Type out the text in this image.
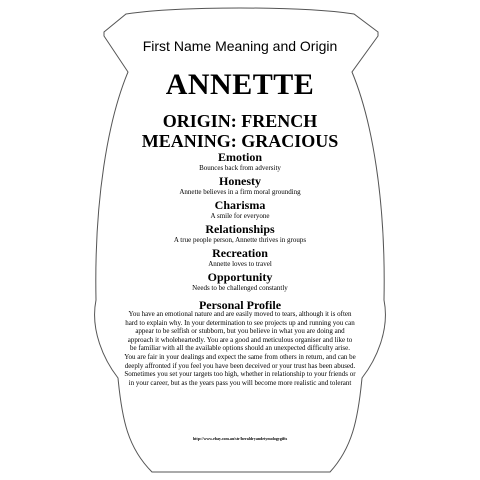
First Name Meaning and Origin
ANNETTE
ORIGIN: FRENCH
MEANING: GRACIOUS
Emotion
Bounces back from adversity
Honesty
Annette believes in a firm moral grounding
Charisma
A smile for everyone
Relationships
A true people person, Annette thrives in groups
Recreation
Annette loves to travel
Opportunity
Needs to be challenged constantly
Personal Profile
You have an emotional nature and are easily moved to tears, although it is often hard to explain why. In your determination to see projects up and running you can appear to be selfish or stubborn, but you believe in what you are doing and approach it wholeheartedly. You are a good and meticulous organiser and like to be familiar with all the available options should an unexpected difficulty arise. You are fair in your dealings and expect the same from others in return, and can be deeply affronted if you feel you have been deceived or your trust has been abused. Sometimes you set your targets too high, whether in relationship to your friends or in your career, but as the years pass you will become more realistic and tolerant
http://www.ebay.com.au/str/heraldryandetymologygifts
